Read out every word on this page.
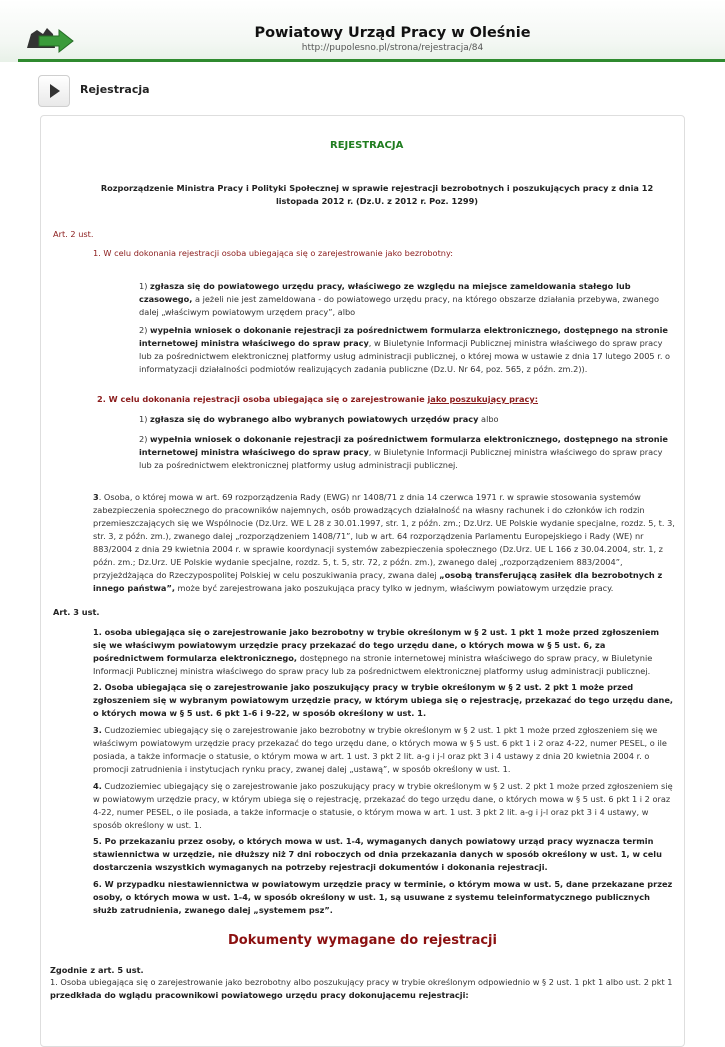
Powiatowy Urząd Pracy w Oleśnie
http://pupolesno.pl/strona/rejestracja/84
Rejestracja
REJESTRACJA
Rozporządzenie Ministra Pracy i Polityki Społecznej w sprawie rejestracji bezrobotnych i poszukujących pracy z dnia 12 listopada 2012 r. (Dz.U. z 2012 r. Poz. 1299)
Art. 2 ust.
1. W celu dokonania rejestracji osoba ubiegająca się o zarejestrowanie jako bezrobotny:

1) zgłasza się do powiatowego urzędu pracy, właściwego ze względu na miejsce zameldowania stałego lub czasowego, a jeżeli nie jest zameldowana - do powiatowego urzędu pracy, na którego obszarze działania przebywa, zwanego dalej „właściwym powiatowym urzędem pracy”, albo

2) wypełnia wniosek o dokonanie rejestracji za pośrednictwem formularza elektronicznego, dostępnego na stronie internetowej ministra właściwego do spraw pracy, w Biuletynie Informacji Publicznej ministra właściwego do spraw pracy lub za pośrednictwem elektronicznej platformy usług administracji publicznej, o której mowa w ustawie z dnia 17 lutego 2005 r. o informatyzacji działalności podmiotów realizujących zadania publiczne (Dz.U. Nr 64, poz. 565, z późn. zm.2)).

2. W celu dokonania rejestracji osoba ubiegająca się o zarejestrowanie jako poszukujący pracy:

1) zgłasza się do wybranego albo wybranych powiatowych urzędów pracy albo

2) wypełnia wniosek o dokonanie rejestracji za pośrednictwem formularza elektronicznego, dostępnego na stronie internetowej ministra właściwego do spraw pracy, w Biuletynie Informacji Publicznej ministra właściwego do spraw pracy lub za pośrednictwem elektronicznej platformy usług administracji publicznej.

3. Osoba, o której mowa w art. 69 rozporządzenia Rady (EWG) nr 1408/71 z dnia 14 czerwca 1971 r. w sprawie stosowania systemów zabezpieczenia społecznego do pracowników najemnych, osób prowadzących działalność na własny rachunek i do członków ich rodzin przemieszczających się we Wspólnocie (Dz.Urz. WE L 28 z 30.01.1997, str. 1, z późn. zm.; Dz.Urz. UE Polskie wydanie specjalne, rozdz. 5, t. 3, str. 3, z późn. zm.), zwanego dalej „rozporządzeniem 1408/71”, lub w art. 64 rozporządzenia Parlamentu Europejskiego i Rady (WE) nr 883/2004 z dnia 29 kwietnia 2004 r. w sprawie koordynacji systemów zabezpieczenia społecznego (Dz.Urz. UE L 166 z 30.04.2004, str. 1, z późn. zm.; Dz.Urz. UE Polskie wydanie specjalne, rozdz. 5, t. 5, str. 72, z późn. zm.), zwanego dalej „rozporządzeniem 883/2004”, przyjeżdżająca do Rzeczypospolitej Polskiej w celu poszukiwania pracy, zwana dalej „osobą transferującą zasiłek dla bezrobotnych z innego państwa”, może być zarejestrowana jako poszukująca pracy tylko w jednym, właściwym powiatowym urzędzie pracy.

Art. 3 ust.

1. osoba ubiegająca się o zarejestrowanie jako bezrobotny w trybie określonym w § 2 ust. 1 pkt 1 może przed zgłoszeniem się we właściwym powiatowym urzędzie pracy przekazać do tego urzędu dane, o których mowa w § 5 ust. 6, za pośrednictwem formularza elektronicznego, dostępnego na stronie internetowej ministra właściwego do spraw pracy, w Biuletynie Informacji Publicznej ministra właściwego do spraw pracy lub za pośrednictwem elektronicznej platformy usług administracji publicznej.

2. Osoba ubiegająca się o zarejestrowanie jako poszukujący pracy w trybie określonym w § 2 ust. 2 pkt 1 może przed zgłoszeniem się w wybranym powiatowym urzędzie pracy, w którym ubiega się o rejestrację, przekazać do tego urzędu dane, o których mowa w § 5 ust. 6 pkt 1-6 i 9-22, w sposób określony w ust. 1.

3. Cudzoziemiec ubiegający się o zarejestrowanie jako bezrobotny w trybie określonym w § 2 ust. 1 pkt 1 może przed zgłoszeniem się we właściwym powiatowym urzędzie pracy przekazać do tego urzędu dane, o których mowa w § 5 ust. 6 pkt 1 i 2 oraz 4-22, numer PESEL, o ile posiada, a także informacje o statusie, o którym mowa w art. 1 ust. 3 pkt 2 lit. a-g i j-l oraz pkt 3 i 4 ustawy z dnia 20 kwietnia 2004 r. o promocji zatrudnienia i instytucjach rynku pracy, zwanej dalej „ustawą”, w sposób określony w ust. 1.

4. Cudzoziemiec ubiegający się o zarejestrowanie jako poszukujący pracy w trybie określonym w § 2 ust. 2 pkt 1 może przed zgłoszeniem się w powiatowym urzędzie pracy, w którym ubiega się o rejestrację, przekazać do tego urzędu dane, o których mowa w § 5 ust. 6 pkt 1 i 2 oraz 4-22, numer PESEL, o ile posiada, a także informacje o statusie, o którym mowa w art. 1 ust. 3 pkt 2 lit. a-g i j-l oraz pkt 3 i 4 ustawy, w sposób określony w ust. 1.

5. Po przekazaniu przez osoby, o których mowa w ust. 1-4, wymaganych danych powiatowy urząd pracy wyznacza termin stawiennictwa w urzędzie, nie dłuższy niż 7 dni roboczych od dnia przekazania danych w sposób określony w ust. 1, w celu dostarczenia wszystkich wymaganych na potrzeby rejestracji dokumentów i dokonania rejestracji.

6. W przypadku niestawiennictwa w powiatowym urzędzie pracy w terminie, o którym mowa w ust. 5, dane przekazane przez osoby, o których mowa w ust. 1-4, w sposób określony w ust. 1, są usuwane z systemu teleinformatycznego publicznych służb zatrudnienia, zwanego dalej „systemem psz”.

Dokumenty wymagane do rejestracji
Zgodnie z art. 5 ust.

1. Osoba ubiegająca się o zarejestrowanie jako bezrobotny albo poszukujący pracy w trybie określonym odpowiednio w § 2 ust. 1 pkt 1 albo ust. 2 pkt 1 przedkłada do wglądu pracownikowi powiatowego urzędu pracy dokonującemu rejestracji:
